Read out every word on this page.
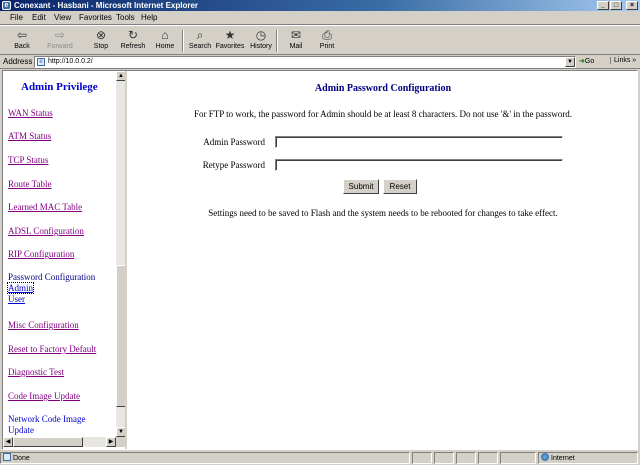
e Conexant - Hasbani - Microsoft Internet Explorer	_	□	×
File Edit View Favorites Tools Help
⇦
Back
⇨
Forward
⊗
Stop
↻
Refresh
⌂
Home
⌕
Search
★
Favorites
◷
History
✉
Mail
⎙
Print
Address	e http://10.0.0.2/	▼ ➜Go	Links »
Admin Privilege
WAN Status
ATM Status
TCP Status
Route Table
Learned MAC Table
ADSL Configuration
RIP Configuration
Password Configuration
Admin
User
Misc Configuration
Reset to Factory Default
Diagnostic Test
Code Image Update
Network Code Image
Update
▲
▼
◀	▶
Admin Password Configuration
For FTP to work, the password for Admin should be at least 8 characters. Do not use '&' in the password.
Admin Password
Retype Password
Submit	Reset
Settings need to be saved to Flash and the system needs to be rebooted for changes to take effect.
Done	Internet
